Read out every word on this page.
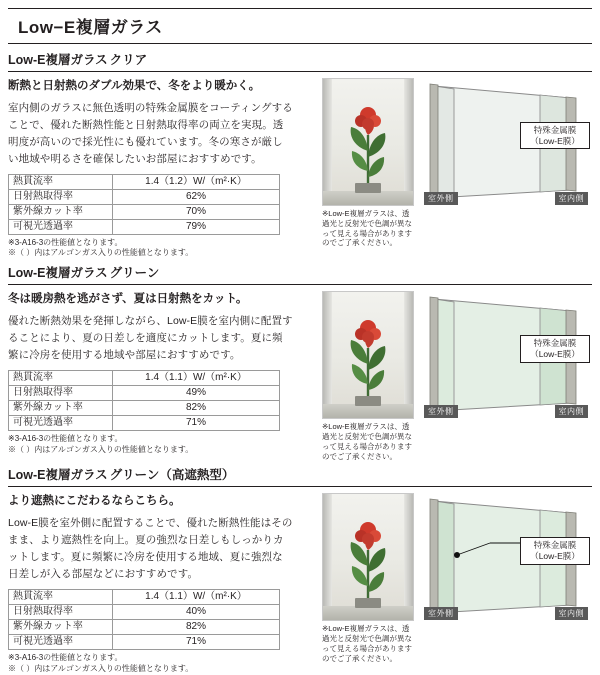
Low−E複層ガラス
Low-E複層ガラス クリア

断熱と日射熱のダブル効果で、冬をより暖かく。

室内側のガラスに無色透明の特殊金属膜をコーティングすることで、優れた断熱性能と日射熱取得率の両立を実現。透明度が高いので採光性にも優れています。冬の寒さが厳しい地域や明るさを確保したいお部屋におすすめです。

熱貫流率	1.4（1.2）W/（m²·K）
日射熱取得率	62%
紫外線カット率	70%
可視光透過率	79%

※3-A16-3の性能値となります。

※（ ）内はアルゴンガス入りの性能値となります。

※Low-E複層ガラスは、透過光と反射光で色調が異なって見える場合がありますのでご了承ください。
特殊金属膜
（Low-E膜）
室外側	室内側
Low-E複層ガラス グリーン

冬は暖房熱を逃がさず、夏は日射熱をカット。

優れた断熱効果を発揮しながら、Low-E膜を室内側に配置することにより、夏の日差しを適度にカットします。夏に頻繁に冷房を使用する地域や部屋におすすめです。

熱貫流率	1.4（1.1）W/（m²·K）
日射熱取得率	49%
紫外線カット率	82%
可視光透過率	71%

※3-A16-3の性能値となります。

※（ ）内はアルゴンガス入りの性能値となります。

※Low-E複層ガラスは、透過光と反射光で色調が異なって見える場合がありますのでご了承ください。
特殊金属膜
（Low-E膜）
室外側	室内側
Low-E複層ガラス グリーン（高遮熱型）

より遮熱にこだわるならこちら。

Low-E膜を室外側に配置することで、優れた断熱性能はそのまま、より遮熱性を向上。夏の強烈な日差しもしっかりカットします。夏に頻繁に冷房を使用する地域、夏に強烈な日差しが入る部屋などにおすすめです。

熱貫流率	1.4（1.1）W/（m²·K）
日射熱取得率	40%
紫外線カット率	82%
可視光透過率	71%

※3-A16-3の性能値となります。

※（ ）内はアルゴンガス入りの性能値となります。

※Low-E複層ガラスは、透過光と反射光で色調が異なって見える場合がありますのでご了承ください。
特殊金属膜
（Low-E膜）
室外側	室内側
